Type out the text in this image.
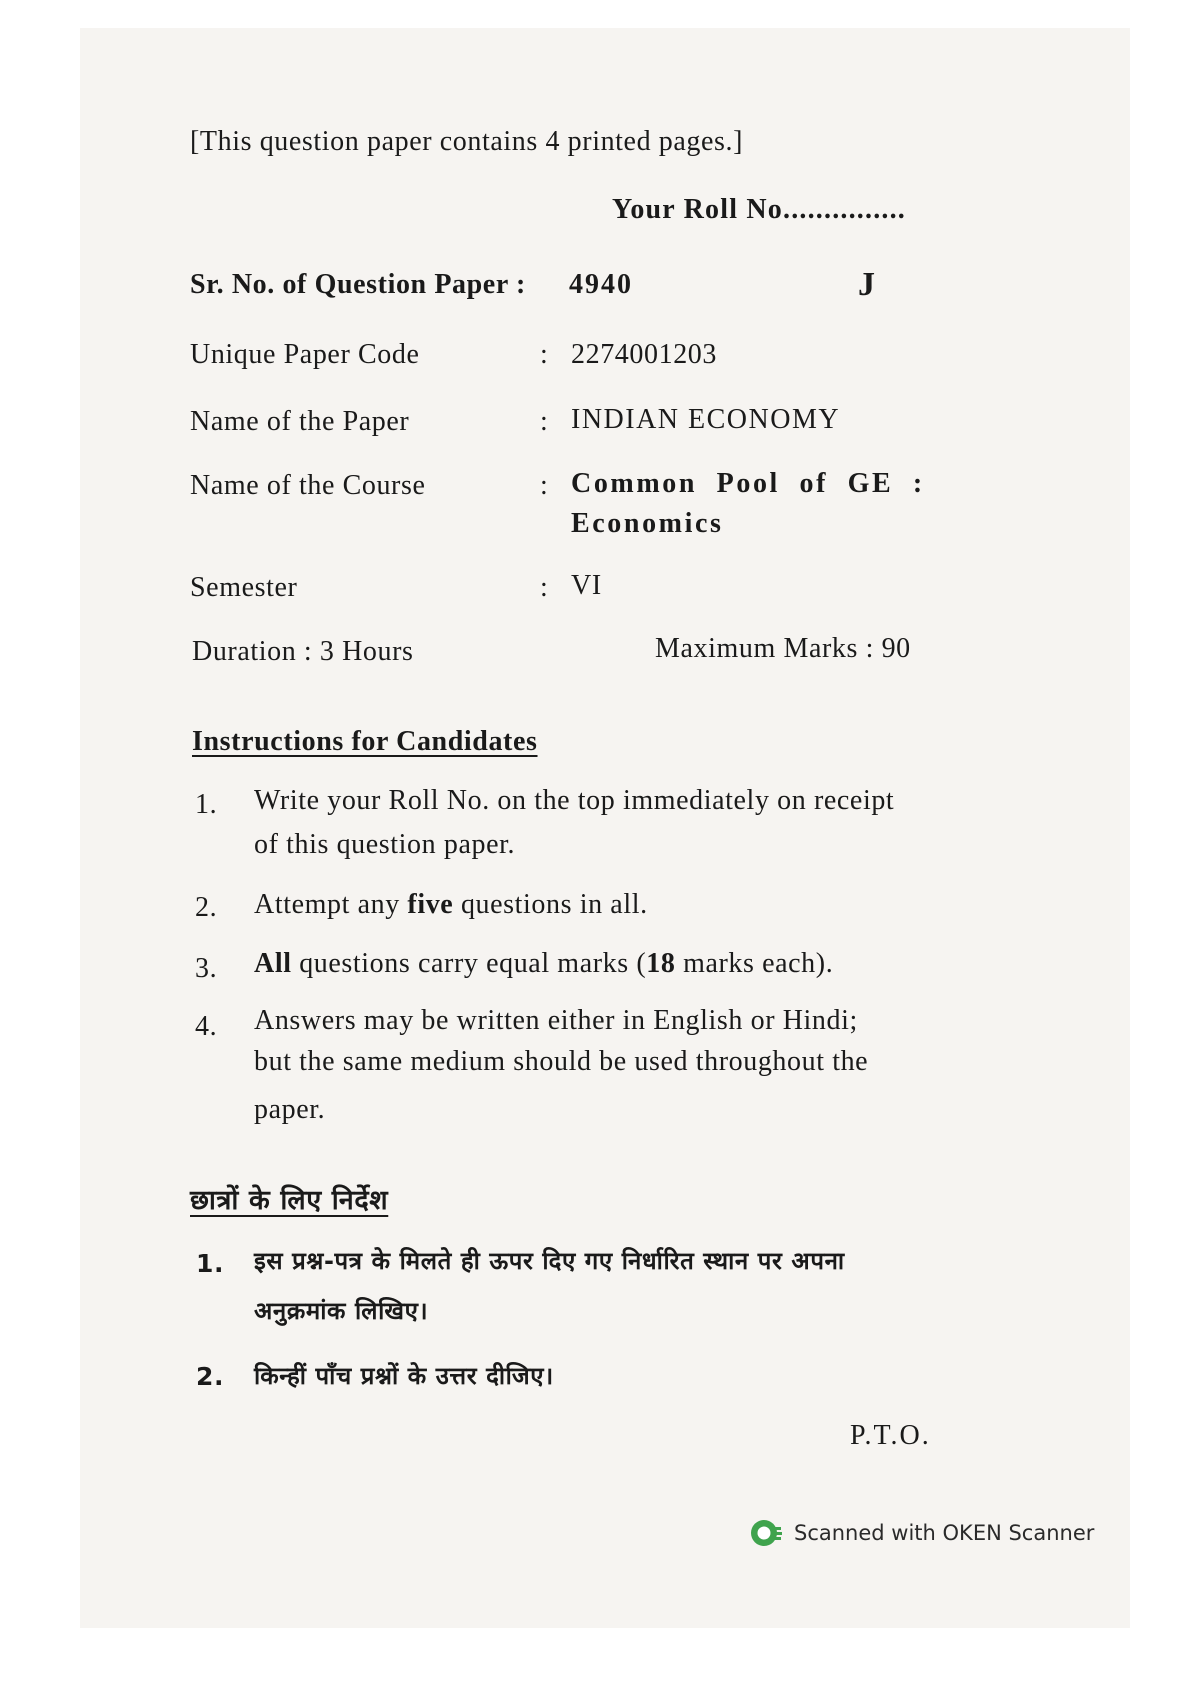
[This question paper contains 4 printed pages.]
Your Roll No...............
Sr. No. of Question Paper : 4940	J
Unique Paper Code	: 2274001203
Name of the Paper	: INDIAN ECONOMY
Name of the Course	: Common Pool of GE :
Economics
Semester	: VI
Duration : 3 Hours	Maximum Marks : 90
Instructions for Candidates
1. Write your Roll No. on the top immediately on receipt
of this question paper.
2. Attempt any five questions in all.
3. All questions carry equal marks (18 marks each).
4. Answers may be written either in English or Hindi;
but the same medium should be used throughout the
paper.
छात्रों के लिए निर्देश
1. इस प्रश्न-पत्र के मिलते ही ऊपर दिए गए निर्धारित स्थान पर अपना
अनुक्रमांक लिखिए।
2. किन्हीं पाँच प्रश्नों के उत्तर दीजिए।
P.T.O.
Scanned with OKEN Scanner
